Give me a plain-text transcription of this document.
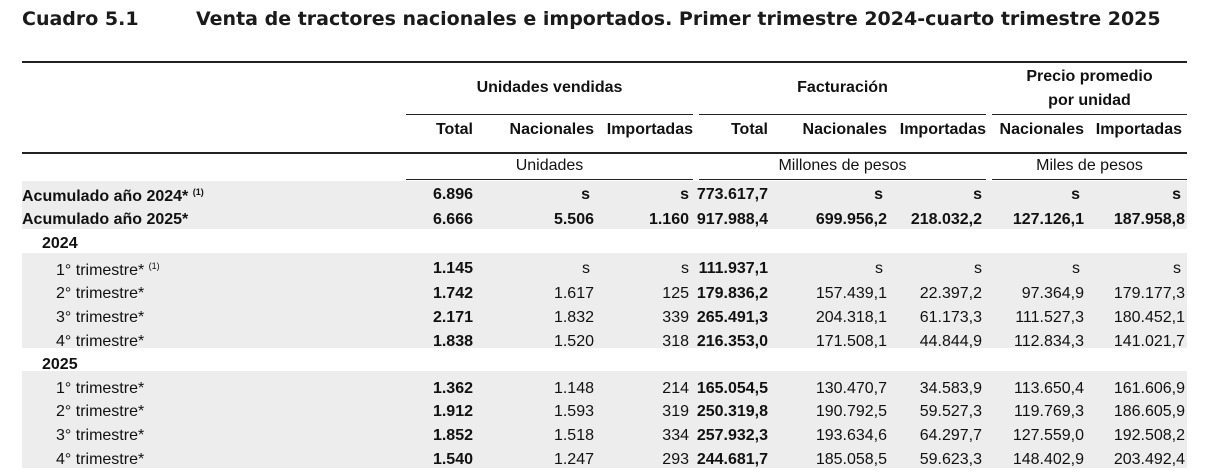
Cuadro 5.1	Venta de tractores nacionales e importados. Primer trimestre 2024-cuarto trimestre 2025
Unidades vendidas	Facturación
Precio promedio
por unidad
Total	Nacionales Importadas	Total	Nacionales Importadas Nacionales Importadas
Unidades	Millones de pesos	Miles de pesos
Acumulado año 2024* $^{(1)}$	6.896	s	s	773.617,7	s	s	s	s
Acumulado año 2025*	6.666	5.506	1.160	917.988,4	699.956,2	218.032,2	127.126,1	187.958,8
2024								
1° trimestre* $^{(1)}$	1.145	s	s	111.937,1	s	s	s	s
2° trimestre*	1.742	1.617	125	179.836,2	157.439,1	22.397,2	97.364,9	179.177,3
3° trimestre*	2.171	1.832	339	265.491,3	204.318,1	61.173,3	111.527,3	180.452,1
4° trimestre*	1.838	1.520	318	216.353,0	171.508,1	44.844,9	112.834,3	141.021,7
2025								
1° trimestre*	1.362	1.148	214	165.054,5	130.470,7	34.583,9	113.650,4	161.606,9
2° trimestre*	1.912	1.593	319	250.319,8	190.792,5	59.527,3	119.769,3	186.605,9
3° trimestre*	1.852	1.518	334	257.932,3	193.634,6	64.297,7	127.559,0	192.508,2
4° trimestre*	1.540	1.247	293	244.681,7	185.058,5	59.623,3	148.402,9	203.492,4
